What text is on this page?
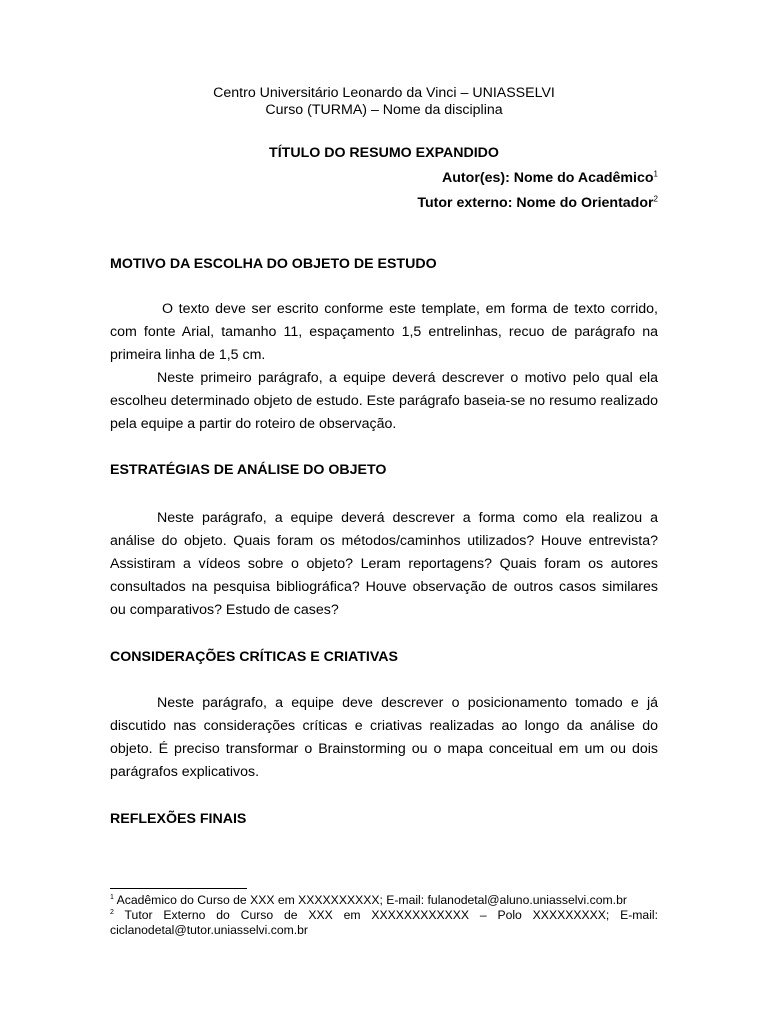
Centro Universitário Leonardo da Vinci – UNIASSELVI

Curso (TURMA) – Nome da disciplina

TÍTULO DO RESUMO EXPANDIDO
Autor(es): Nome do Acadêmico$^1$
Tutor externo: Nome do Orientador$^2$

MOTIVO DA ESCOLHA DO OBJETO DE ESTUDO

O texto deve ser escrito conforme este template, em forma de texto corrido, com fonte Arial, tamanho 11, espaçamento 1,5 entrelinhas, recuo de parágrafo na primeira linha de 1,5 cm.

Neste primeiro parágrafo, a equipe deverá descrever o motivo pelo qual ela escolheu determinado objeto de estudo. Este parágrafo baseia-se no resumo realizado pela equipe a partir do roteiro de observação.

ESTRATÉGIAS DE ANÁLISE DO OBJETO

Neste parágrafo, a equipe deverá descrever a forma como ela realizou a análise do objeto. Quais foram os métodos/caminhos utilizados? Houve entrevista? Assistiram a vídeos sobre o objeto? Leram reportagens? Quais foram os autores consultados na pesquisa bibliográfica? Houve observação de outros casos similares ou comparativos? Estudo de cases?

CONSIDERAÇÕES CRÍTICAS E CRIATIVAS

Neste parágrafo, a equipe deve descrever o posicionamento tomado e já discutido nas considerações críticas e criativas realizadas ao longo da análise do objeto. É preciso transformar o Brainstorming ou o mapa conceitual em um ou dois parágrafos explicativos.

REFLEXÕES FINAIS

$^1$ Acadêmico do Curso de XXX em XXXXXXXXXX; E-mail: fulanodetal@aluno.uniasselvi.com.br

$^2$ Tutor Externo do Curso de XXX em XXXXXXXXXXXX – Polo XXXXXXXXX; E-mail: ciclanodetal@tutor.uniasselvi.com.br
